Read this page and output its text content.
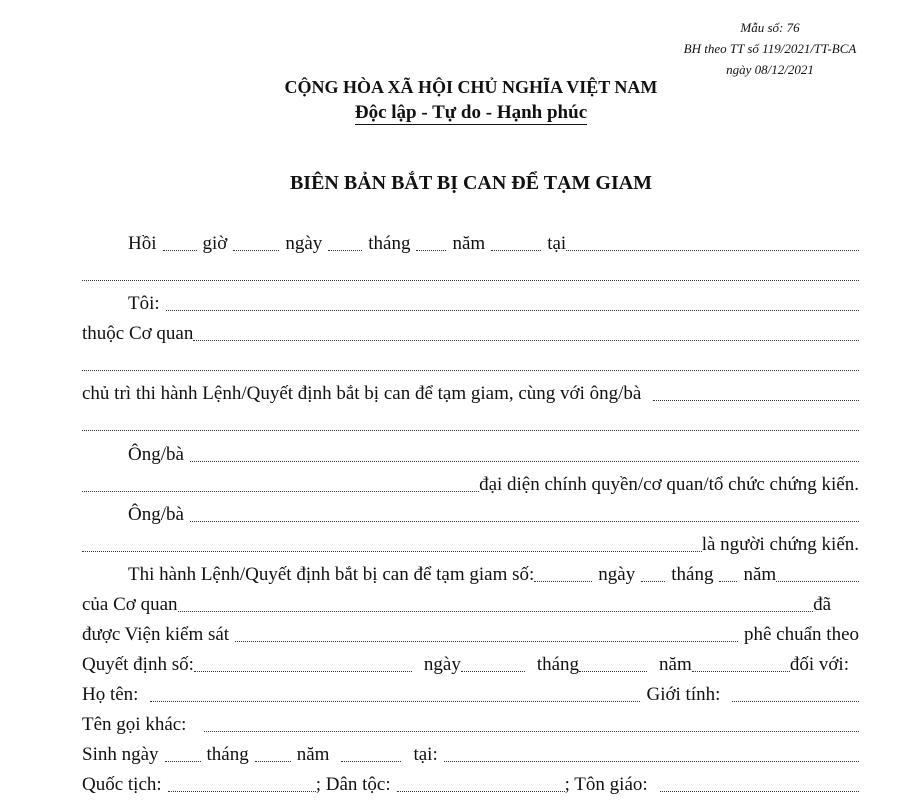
Mẫu số: 76
BH theo TT số 119/2021/TT-BCA
ngày 08/12/2021
CỘNG HÒA XÃ HỘI CHỦ NGHĨA VIỆT NAM
Độc lập - Tự do - Hạnh phúc
BIÊN BẢN BẮT BỊ CAN ĐỂ TẠM GIAM
Hồi giờ	ngày tháng năm	tại
Tôi:
thuộc Cơ quan
chủ trì thi hành Lệnh/Quyết định bắt bị can để tạm giam, cùng với ông/bà
Ông/bà
đại diện chính quyền/cơ quan/tổ chức chứng kiến.
Ông/bà
là người chứng kiến.
Thi hành Lệnh/Quyết định bắt bị can để tạm giam số:	ngày tháng năm
của Cơ quan	đã
được Viện kiểm sát	phê chuẩn theo
Quyết định số:	ngày	tháng	năm	đối với:
Họ tên:	Giới tính:
Tên gọi khác:
Sinh ngày	tháng	năm	tại:
Quốc tịch:	; Dân tộc:	; Tôn giáo:
